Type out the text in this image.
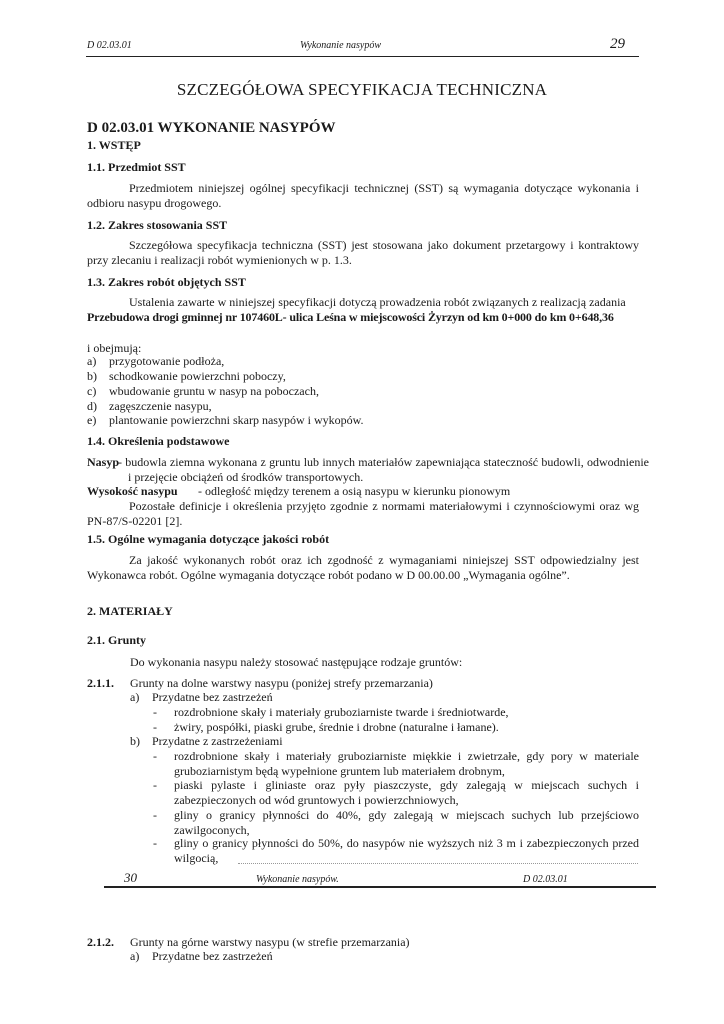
D 02.03.01	Wykonanie nasypów	29
SZCZEGÓŁOWA SPECYFIKACJA TECHNICZNA
D 02.03.01 WYKONANIE NASYPÓW
1. WSTĘP
1.1. Przedmiot SST
Przedmiotem niniejszej ogólnej specyfikacji technicznej (SST) są wymagania dotyczące wykonania i odbioru nasypu drogowego.
1.2. Zakres stosowania SST
Szczegółowa specyfikacja techniczna (SST) jest stosowana jako dokument przetargowy i kontraktowy przy zlecaniu i realizacji robót wymienionych w p. 1.3.
1.3. Zakres robót objętych SST
Ustalenia zawarte w niniejszej specyfikacji dotyczą prowadzenia robót związanych z realizacją zadania
Przebudowa drogi gminnej nr 107460L- ulica Leśna w miejscowości Żyrzyn od km 0+000 do km 0+648,36
i obejmują:
a) przygotowanie podłoża,
b) schodkowanie powierzchni poboczy,
c) wbudowanie gruntu w nasyp na poboczach,
d) zagęszczenie nasypu,
e) plantowanie powierzchni skarp nasypów i wykopów.
1.4. Określenia podstawowe
Nasyp
- budowla ziemna wykonana z gruntu lub innych materiałów zapewniająca stateczność budowli, odwodnienie i przejęcie obciążeń od środków transportowych.
Wysokość nasypu - odległość między terenem a osią nasypu w kierunku pionowym
Pozostałe definicje i określenia przyjęto zgodnie z normami materiałowymi i czynnościowymi oraz wg PN-87/S-02201 [2].
1.5. Ogólne wymagania dotyczące jakości robót
Za jakość wykonanych robót oraz ich zgodność z wymaganiami niniejszej SST odpowiedzialny jest Wykonawca robót. Ogólne wymagania dotyczące robót podano w D 00.00.00 „Wymagania ogólne”.
2. MATERIAŁY
2.1. Grunty
Do wykonania nasypu należy stosować następujące rodzaje gruntów:
2.1.1. Grunty na dolne warstwy nasypu (poniżej strefy przemarzania)
a) Przydatne bez zastrzeżeń
- rozdrobnione skały i materiały gruboziarniste twarde i średniotwarde,
- żwiry, pospółki, piaski grube, średnie i drobne (naturalne i łamane).
b) Przydatne z zastrzeżeniami
- rozdrobnione skały i materiały gruboziarniste miękkie i zwietrzałe, gdy pory w materiale gruboziarnistym będą wypełnione gruntem lub materiałem drobnym,
- piaski pylaste i gliniaste oraz pyły piaszczyste, gdy zalegają w miejscach suchych i zabezpieczonych od wód gruntowych i powierzchniowych,
- gliny o granicy płynności do 40%, gdy zalegają w miejscach suchych lub przejściowo zawilgoconych,
- gliny o granicy płynności do 50%, do nasypów nie wyższych niż 3 m i zabezpieczonych przed wilgocią,
30	Wykonanie nasypów.	D 02.03.01
2.1.2. Grunty na górne warstwy nasypu (w strefie przemarzania)
a) Przydatne bez zastrzeżeń
